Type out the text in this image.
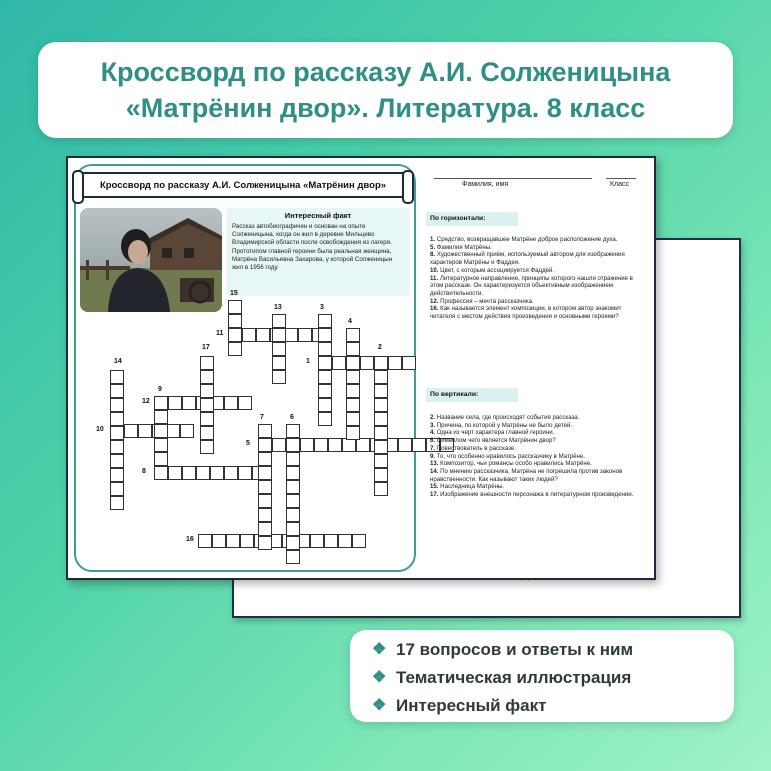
Кроссворд по рассказу А.И. Солженицына
«Матрёнин двор». Литература. 8 класс
Кроссворд по рассказу А.И. Солженицына «Матрёнин двор»
Интересный факт
Рассказ автобиографичен и основан на опыте Солженицына, когда он жил в деревне Мильцево Владимирской области после освобождения из лагеря. Прототипом главной героини была реальная женщина, Матрёна Васильевна Захарова, у которой Солженицын жил в 1956 году.
11
1
12
10
5
8
16
15
13	3
4
2
17
14
9
7	6
Фамилия, имя	Класс
По горизонтали:

1. Средство, возвращавшее Матрёне доброе расположение духа.

5. Фамилия Матрёны.

8. Художественный приём, используемый автором для изображения характеров Матрёны и Фаддея.

10. Цвет, с которым ассоциируется Фаддей.

11. Литературное направление, принципы которого нашли отражение в этом рассказе. Он характеризуется объективным изображением действительности.

12. Профессия – мечта рассказчика.

16. Как называется элемент композиции, в котором автор знакомит читателя с местом действия произведения и основными героями?

По вертикали:

2. Название села, где происходят события рассказа.

3. Причина, по которой у Матрёны не было детей.

4. Одна из черт характера главной героини.

6. Символом чего является Матрёнин двор?

7. Повествователь в рассказе.

9. То, что особенно нравилось рассказчику в Матрёне.

13. Композитор, чьи романсы особо нравились Матрёне.

14. По мнению рассказчика, Матрёна не погрешила против законов нравственности. Как называют таких людей?

15. Наследница Матрёны.

17. Изображение внешности персонажа в литературном произведении.

❖ 17 вопросов и ответы к ним
❖ Тематическая иллюстрация
❖ Интересный факт
